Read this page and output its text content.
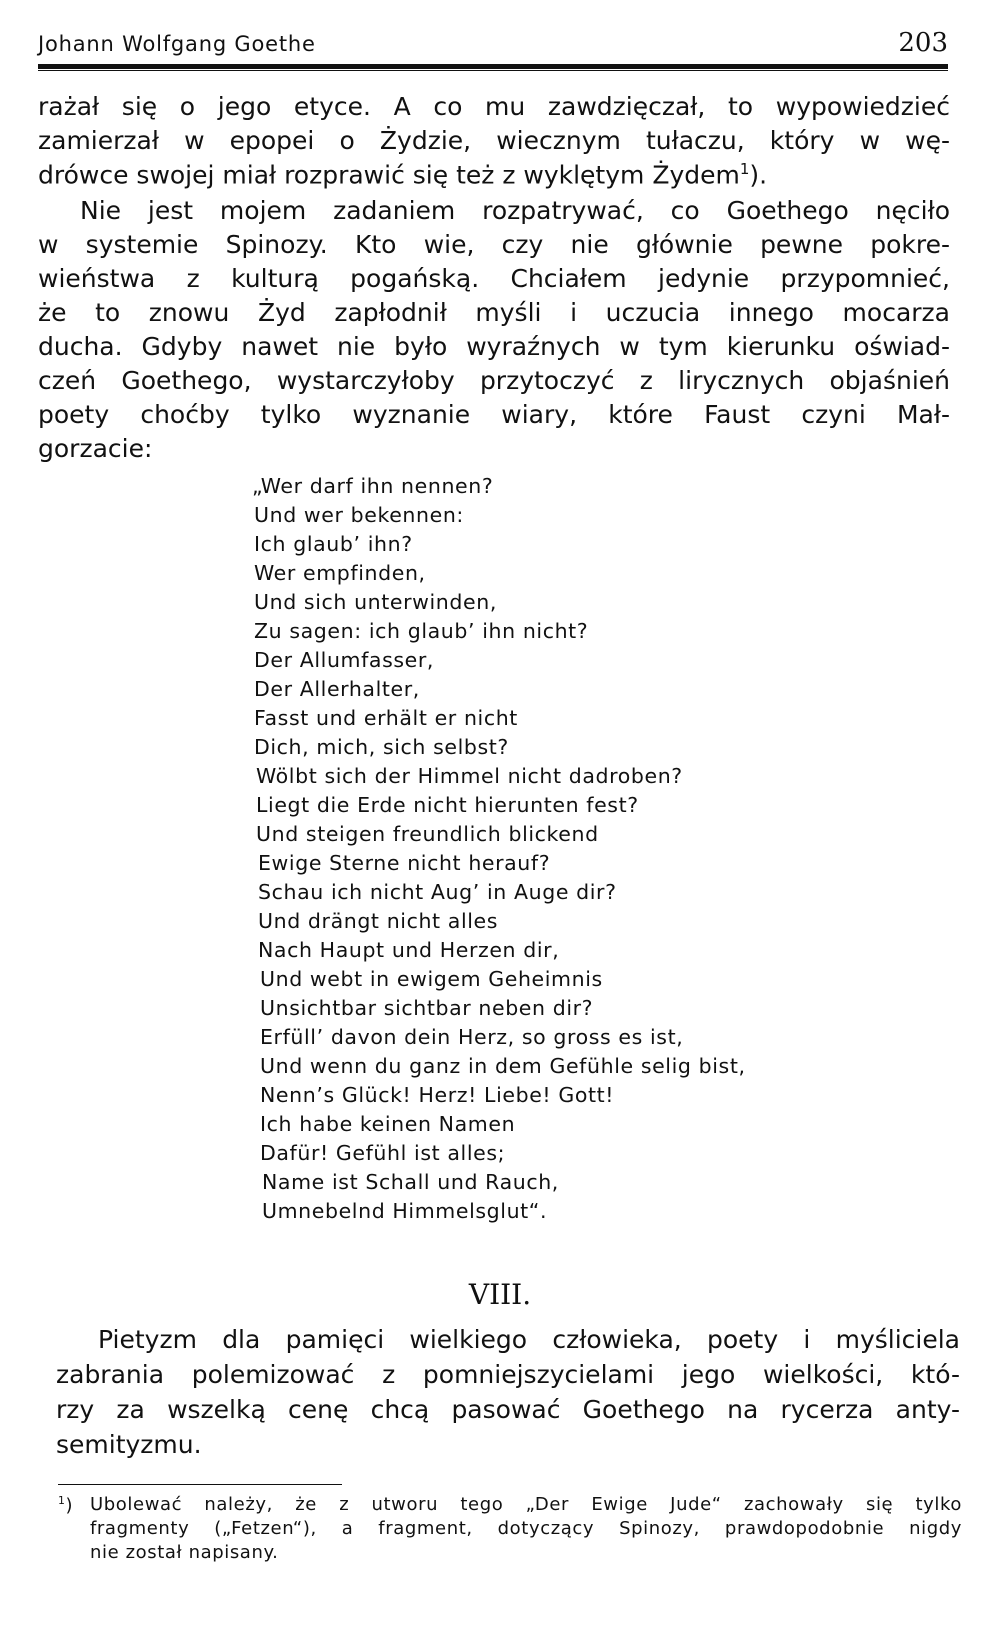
Johann Wolfgang Goethe	203
rażał się o jego etyce. A co mu zawdzięczał, to wypowiedzieć
zamierzał w epopei o Żydzie, wiecznym tułaczu, który w wę-
drówce swojej miał rozprawić się też z wyklętym Żydem$^1$).
Nie jest mojem zadaniem rozpatrywać, co Goethego nęciło
w systemie Spinozy. Kto wie, czy nie głównie pewne pokre-
wieństwa z kulturą pogańską. Chciałem jedynie przypomnieć,
że to znowu Żyd zapłodnił myśli i uczucia innego mocarza
ducha. Gdyby nawet nie było wyraźnych w tym kierunku oświad-
czeń Goethego, wystarczyłoby przytoczyć z lirycznych objaśnień
poety choćby tylko wyznanie wiary, które Faust czyni Mał-
gorzacie:
„Wer darf ihn nennen?
Und wer bekennen:
Ich glaub’ ihn?
Wer empfinden,
Und sich unterwinden,
Zu sagen: ich glaub’ ihn nicht?
Der Allumfasser,
Der Allerhalter,
Fasst und erhält er nicht
Dich, mich, sich selbst?
Wölbt sich der Himmel nicht dadroben?
Liegt die Erde nicht hierunten fest?
Und steigen freundlich blickend
Ewige Sterne nicht herauf?
Schau ich nicht Aug’ in Auge dir?
Und drängt nicht alles
Nach Haupt und Herzen dir,
Und webt in ewigem Geheimnis
Unsichtbar sichtbar neben dir?
Erfüll’ davon dein Herz, so gross es ist,
Und wenn du ganz in dem Gefühle selig bist,
Nenn’s Glück! Herz! Liebe! Gott!
Ich habe keinen Namen
Dafür! Gefühl ist alles;
Name ist Schall und Rauch,
Umnebelnd Himmelsglut“.
VIII.
Pietyzm dla pamięci wielkiego człowieka, poety i myśliciela
zabrania polemizować z pomniejszycielami jego wielkości, któ-
rzy za wszelką cenę chcą pasować Goethego na rycerza anty-
semityzmu.
$^1$) Ubolewać należy, że z utworu tego „Der Ewige Jude“ zachowały się tylko
fragmenty („Fetzen“), a fragment, dotyczący Spinozy, prawdopodobnie nigdy
nie został napisany.
